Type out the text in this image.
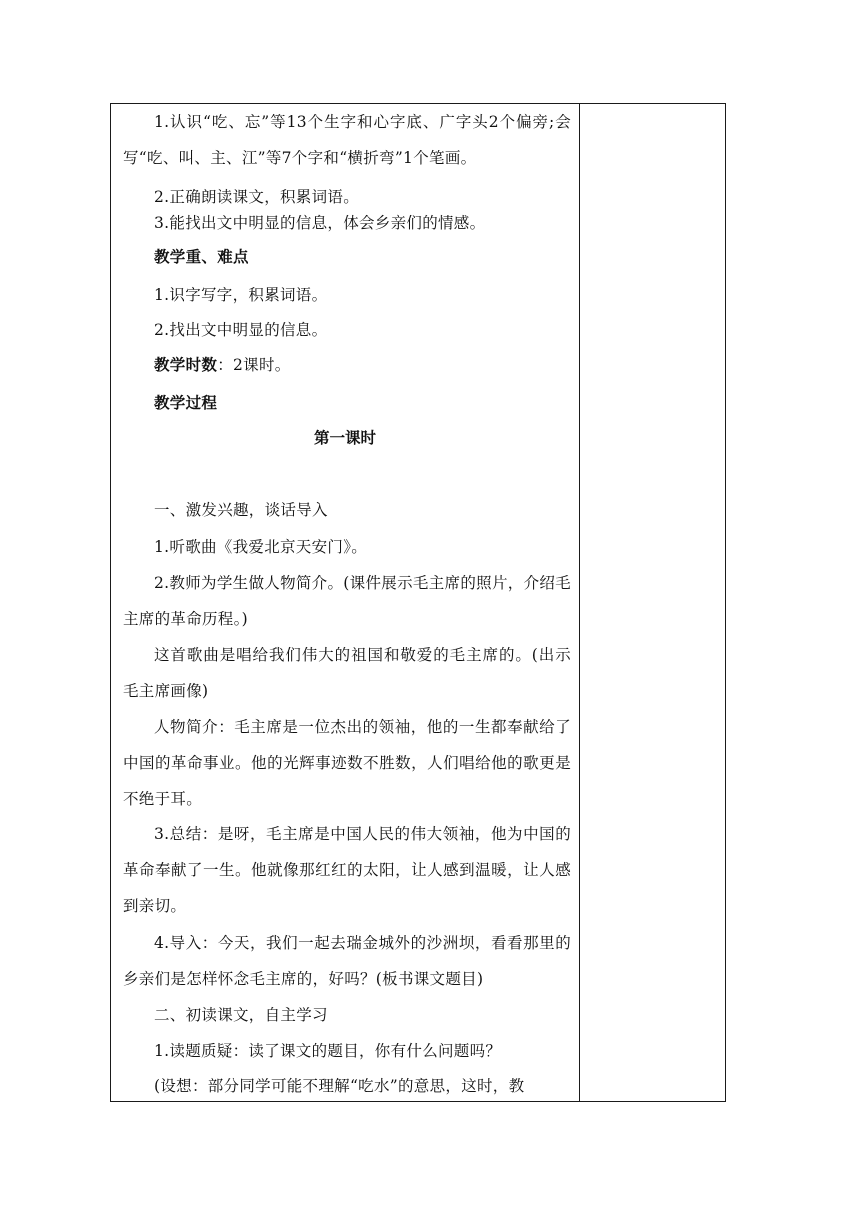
1.认识“吃、忘”等13个生字和心字底、广字头2个偏旁;会写“吃、叫、主、江”等7个字和“横折弯”1个笔画。

2.正确朗读课文，积累词语。

3.能找出文中明显的信息，体会乡亲们的情感。

教学重、难点

1.识字写字，积累词语。

2.找出文中明显的信息。

教学时数：2课时。

教学过程

第一课时

一、激发兴趣，谈话导入

1.听歌曲《我爱北京天安门》。

2.教师为学生做人物简介。(课件展示毛主席的照片，介绍毛主席的革命历程。)

这首歌曲是唱给我们伟大的祖国和敬爱的毛主席的。(出示毛主席画像)

人物简介：毛主席是一位杰出的领袖，他的一生都奉献给了中国的革命事业。他的光辉事迹数不胜数，人们唱给他的歌更是不绝于耳。

3.总结：是呀，毛主席是中国人民的伟大领袖，他为中国的革命奉献了一生。他就像那红红的太阳，让人感到温暖，让人感到亲切。

4.导入：今天，我们一起去瑞金城外的沙洲坝，看看那里的乡亲们是怎样怀念毛主席的，好吗？(板书课文题目)

二、初读课文，自主学习

1.读题质疑：读了课文的题目，你有什么问题吗？

(设想：部分同学可能不理解“吃水”的意思，这时，教
